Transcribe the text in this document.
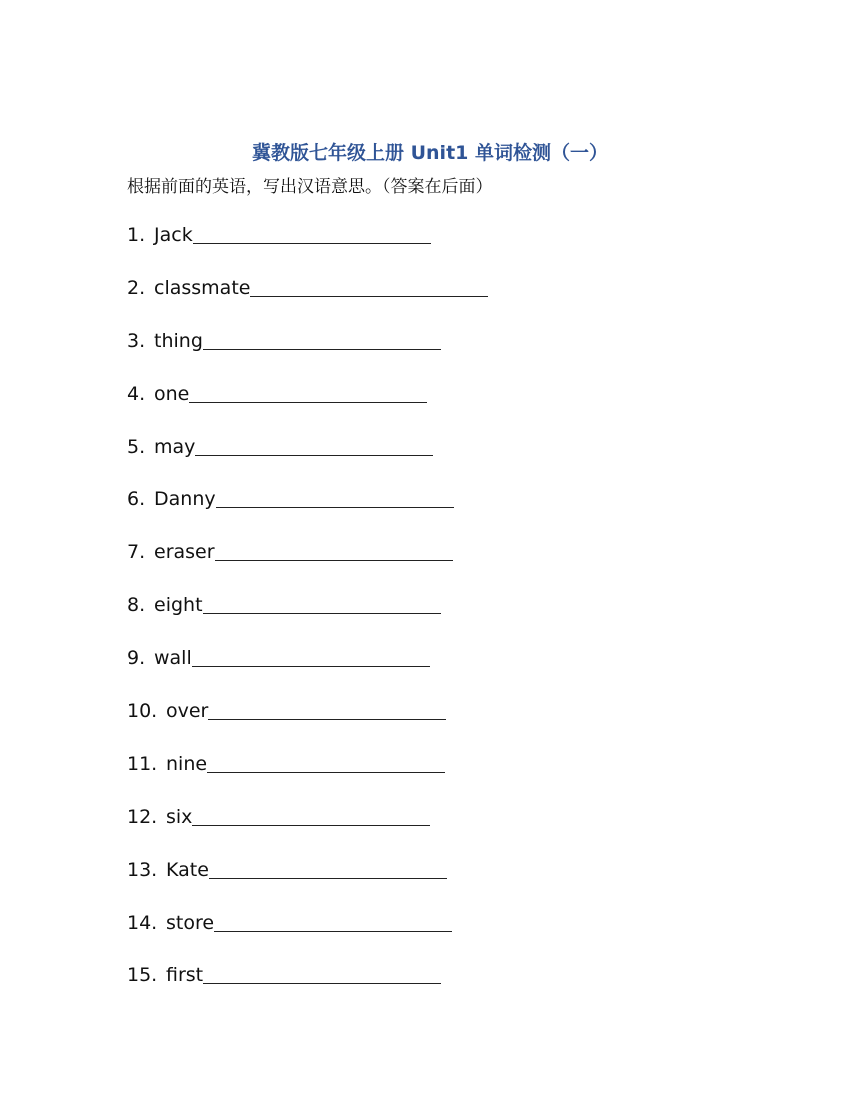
冀教版七年级上册 Unit1 单词检测（一）

根据前面的英语，写出汉语意思。（答案在后面）

1. Jack
2. classmate
3. thing
4. one
5. may
6. Danny
7. eraser
8. eight
9. wall
10. over
11. nine
12. six
13. Kate
14. store
15. first
